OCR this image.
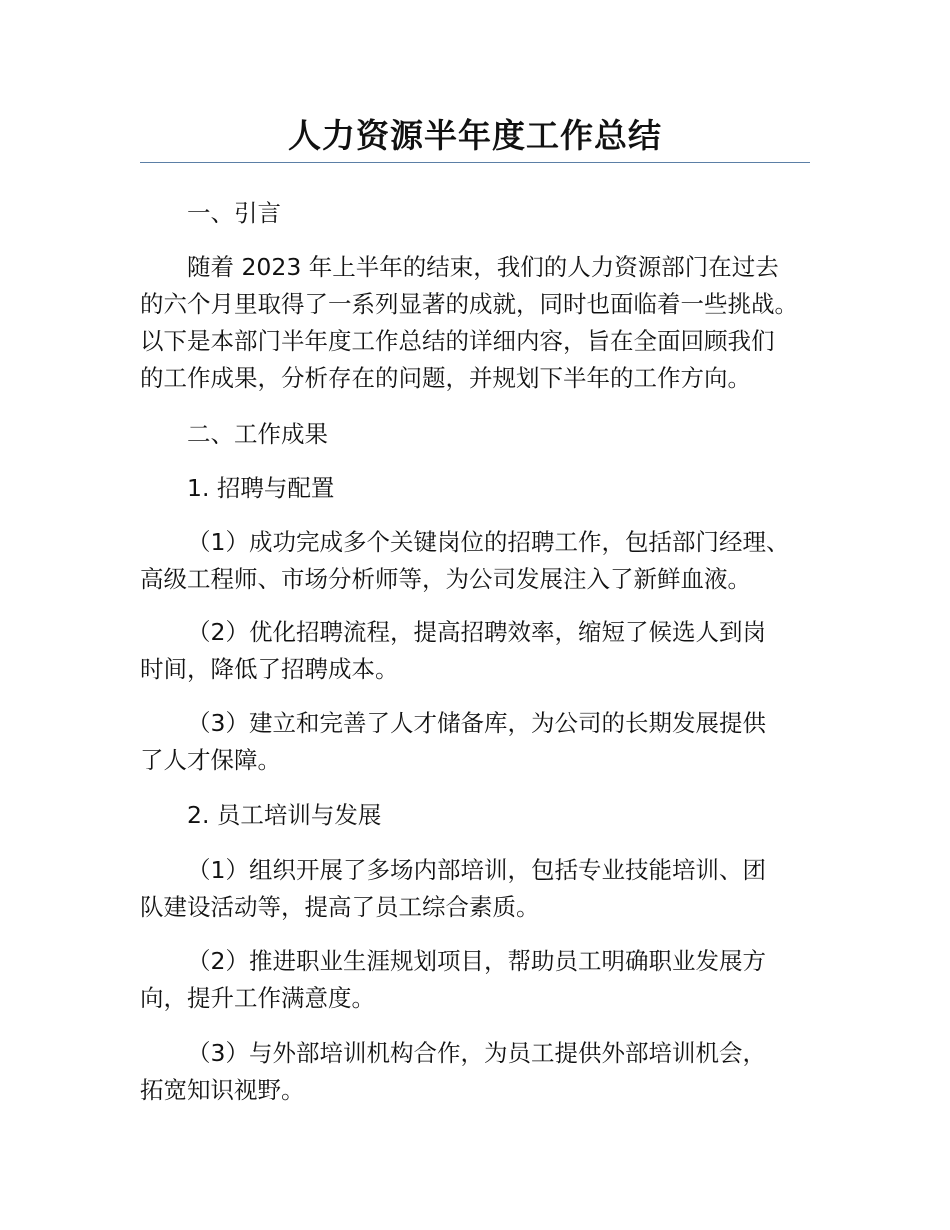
人力资源半年度工作总结
一、引言
随着 2023 年上半年的结束，我们的人力资源部门在过去
的六个月里取得了一系列显著的成就，同时也面临着一些挑战。
以下是本部门半年度工作总结的详细内容，旨在全面回顾我们
的工作成果，分析存在的问题，并规划下半年的工作方向。
二、工作成果
1. 招聘与配置
（1）成功完成多个关键岗位的招聘工作，包括部门经理、
高级工程师、市场分析师等，为公司发展注入了新鲜血液。
（2）优化招聘流程，提高招聘效率，缩短了候选人到岗
时间，降低了招聘成本。
（3）建立和完善了人才储备库，为公司的长期发展提供
了人才保障。
2. 员工培训与发展
（1）组织开展了多场内部培训，包括专业技能培训、团
队建设活动等，提高了员工综合素质。
（2）推进职业生涯规划项目，帮助员工明确职业发展方
向，提升工作满意度。
（3）与外部培训机构合作，为员工提供外部培训机会，
拓宽知识视野。
